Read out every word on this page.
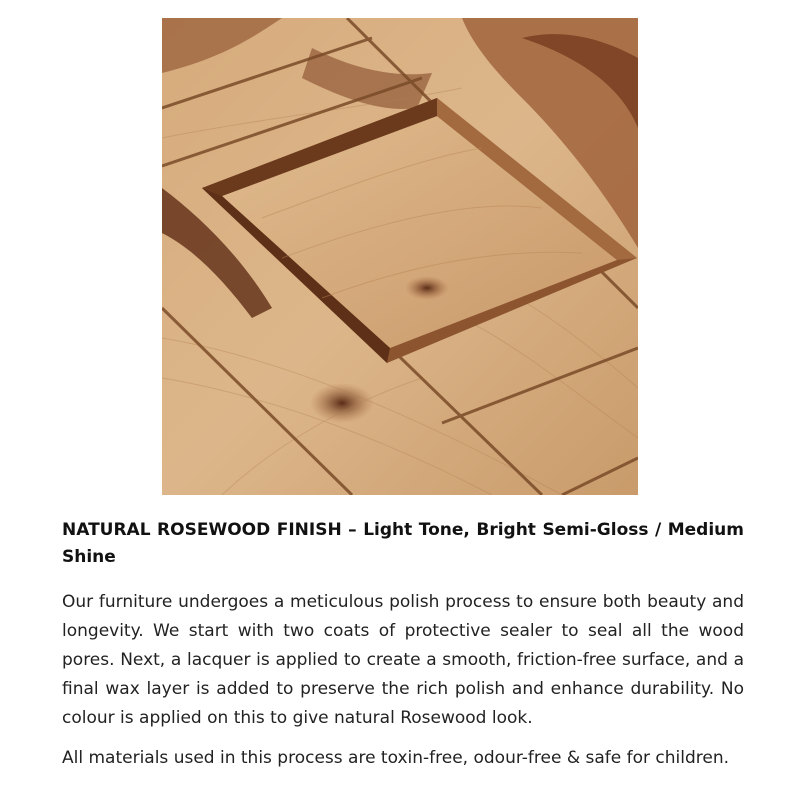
NATURAL ROSEWOOD FINISH – Light Tone, Bright Semi-Gloss / Medium Shine

Our furniture undergoes a meticulous polish process to ensure both beauty and longevity. We start with two coats of protective sealer to seal all the wood pores. Next, a lacquer is applied to create a smooth, friction-free surface, and a final wax layer is added to preserve the rich polish and enhance durability. No colour is applied on this to give natural Rosewood look.

All materials used in this process are toxin-free, odour-free & safe for children.
